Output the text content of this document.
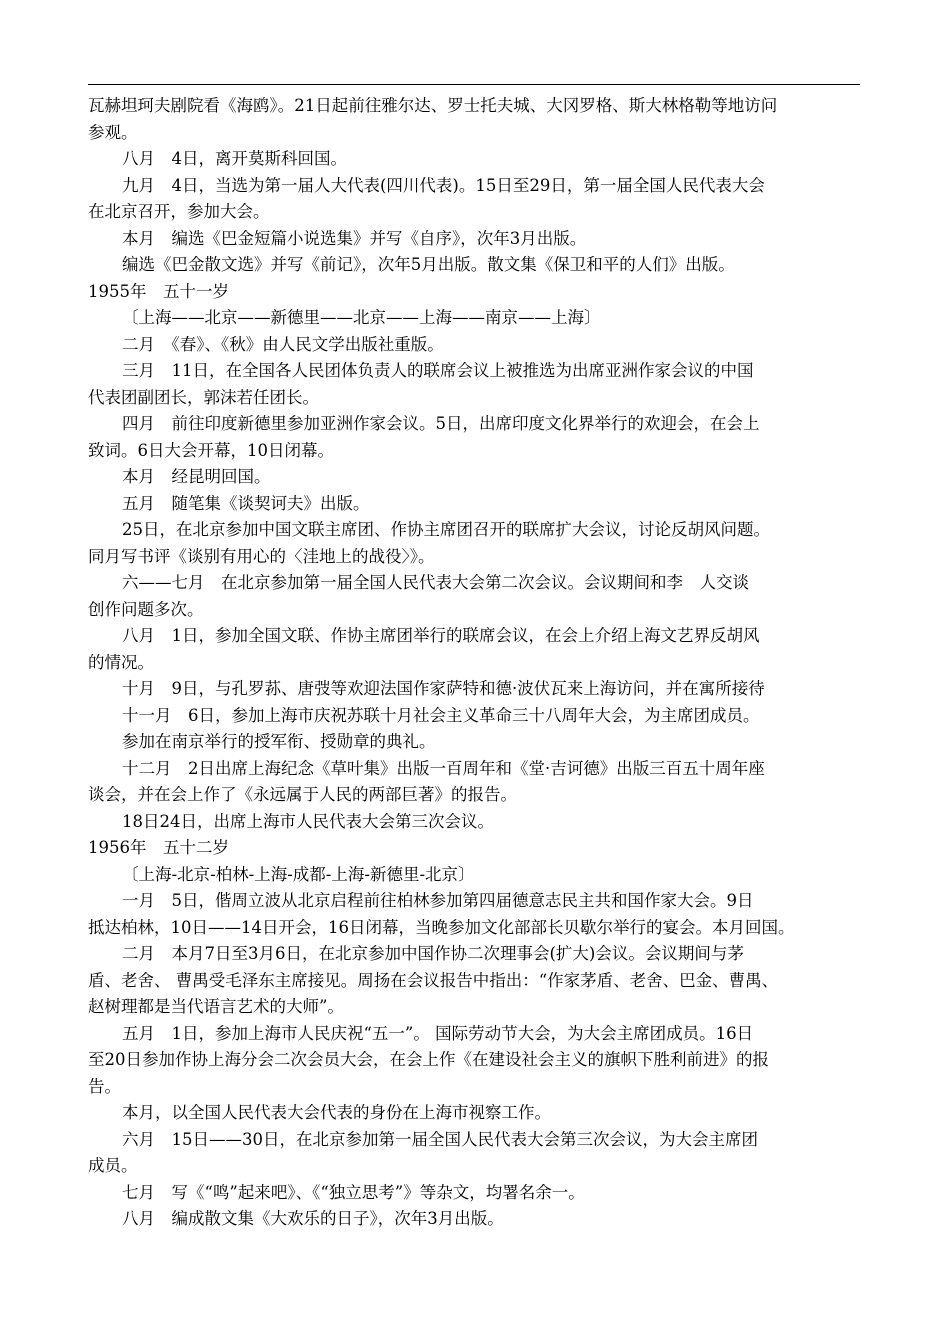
瓦赫坦珂夫剧院看《海鸥》。21日起前往雅尔达、罗士托夫城、大冈罗格、斯大林格勒等地访问
参观。
八月　4日，离开莫斯科回国。
九月　4日，当选为第一届人大代表(四川代表)。15日至29日，第一届全国人民代表大会
在北京召开，参加大会。
本月　编选《巴金短篇小说选集》并写《自序》，次年3月出版。
编选《巴金散文选》并写《前记》，次年5月出版。散文集《保卫和平的人们》出版。
1955年　五十一岁
〔上海——北京——新德里——北京——上海——南京——上海〕
二月　《春》、《秋》由人民文学出版社重版。
三月　11日，在全国各人民团体负责人的联席会议上被推选为出席亚洲作家会议的中国
代表团副团长，郭沫若任团长。
四月　前往印度新德里参加亚洲作家会议。5日，出席印度文化界举行的欢迎会，在会上
致词。6日大会开幕，10日闭幕。
本月　经昆明回国。
五月　随笔集《谈契诃夫》出版。
25日，在北京参加中国文联主席团、作协主席团召开的联席扩大会议，讨论反胡风问题。
同月写书评《谈别有用心的〈洼地上的战役〉》。
六——七月　在北京参加第一届全国人民代表大会第二次会议。会议期间和李　人交谈
创作问题多次。
八月　1日，参加全国文联、作协主席团举行的联席会议，在会上介绍上海文艺界反胡风
的情况。
十月　9日，与孔罗荪、唐弢等欢迎法国作家萨特和德·波伏瓦来上海访问，并在寓所接待
十一月　6日，参加上海市庆祝苏联十月社会主义革命三十八周年大会，为主席团成员。
参加在南京举行的授军衔、授勋章的典礼。
十二月　2日出席上海纪念《草叶集》出版一百周年和《堂·吉诃德》出版三百五十周年座
谈会，并在会上作了《永远属于人民的两部巨著》的报告。
18日24日，出席上海市人民代表大会第三次会议。
1956年　五十二岁
〔上海-北京-柏林-上海-成都-上海-新德里-北京〕
一月　5日，偕周立波从北京启程前往柏林参加第四届德意志民主共和国作家大会。9日
抵达柏林，10日——14日开会，16日闭幕，当晚参加文化部部长贝歇尔举行的宴会。本月回国。
二月　本月7日至3月6日，在北京参加中国作协二次理事会(扩大)会议。会议期间与茅
盾、老舍、 曹禺受毛泽东主席接见。周扬在会议报告中指出：“作家茅盾、老舍、巴金、曹禺、
赵树理都是当代语言艺术的大师”。
五月　1日，参加上海市人民庆祝“五一”。 国际劳动节大会，为大会主席团成员。16日
至20日参加作协上海分会二次会员大会，在会上作《在建设社会主义的旗帜下胜利前进》的报
告。
本月，以全国人民代表大会代表的身份在上海市视察工作。
六月　15日——30日，在北京参加第一届全国人民代表大会第三次会议，为大会主席团
成员。
七月　写《“鸣”起来吧》、《“独立思考”》等杂文，均署名余一。
八月　编成散文集《大欢乐的日子》，次年3月出版。
